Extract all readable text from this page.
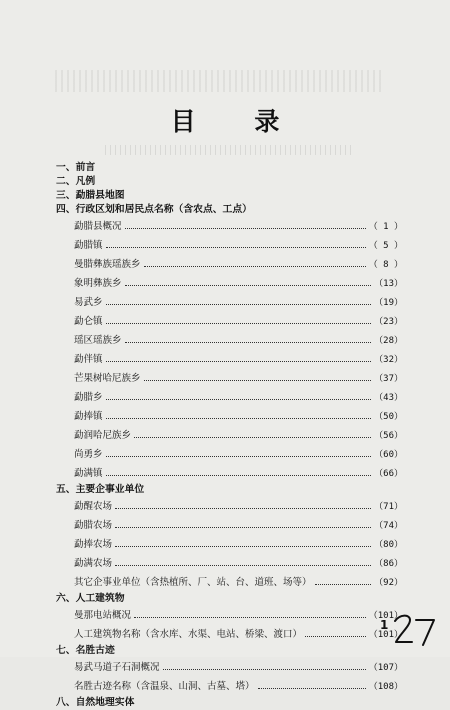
目 录
一、前言
二、凡例
三、勐腊县地图
四、行政区划和居民点名称（含农点、工点）
勐腊县概况	（ 1 ）
勐腊镇	（ 5 ）
曼腊彝族瑶族乡	（ 8 ）
象明彝族乡	（13）
易武乡	（19）
勐仑镇	（23）
瑶区瑶族乡	（28）
勐伴镇	（32）
芒果树哈尼族乡	（37）
勐腊乡	（43）
勐捧镇	（50）
勐润哈尼族乡	（56）
尚勇乡	（60）
勐满镇	（66）
五、主要企事业单位
勐醒农场	（71）
勐腊农场	（74）
勐捧农场	（80）
勐满农场	（86）
其它企事业单位（含热植所、厂、站、台、道班、场等）	（92）
六、人工建筑物
曼那电站概况	（101）
人工建筑物名称（含水库、水渠、电站、桥梁、渡口）	（101）
七、名胜古迹
易武马道子石洞概况	（107）
名胜古迹名称（含温泉、山洞、古墓、塔）	（108）
八、自然地理实体
1
